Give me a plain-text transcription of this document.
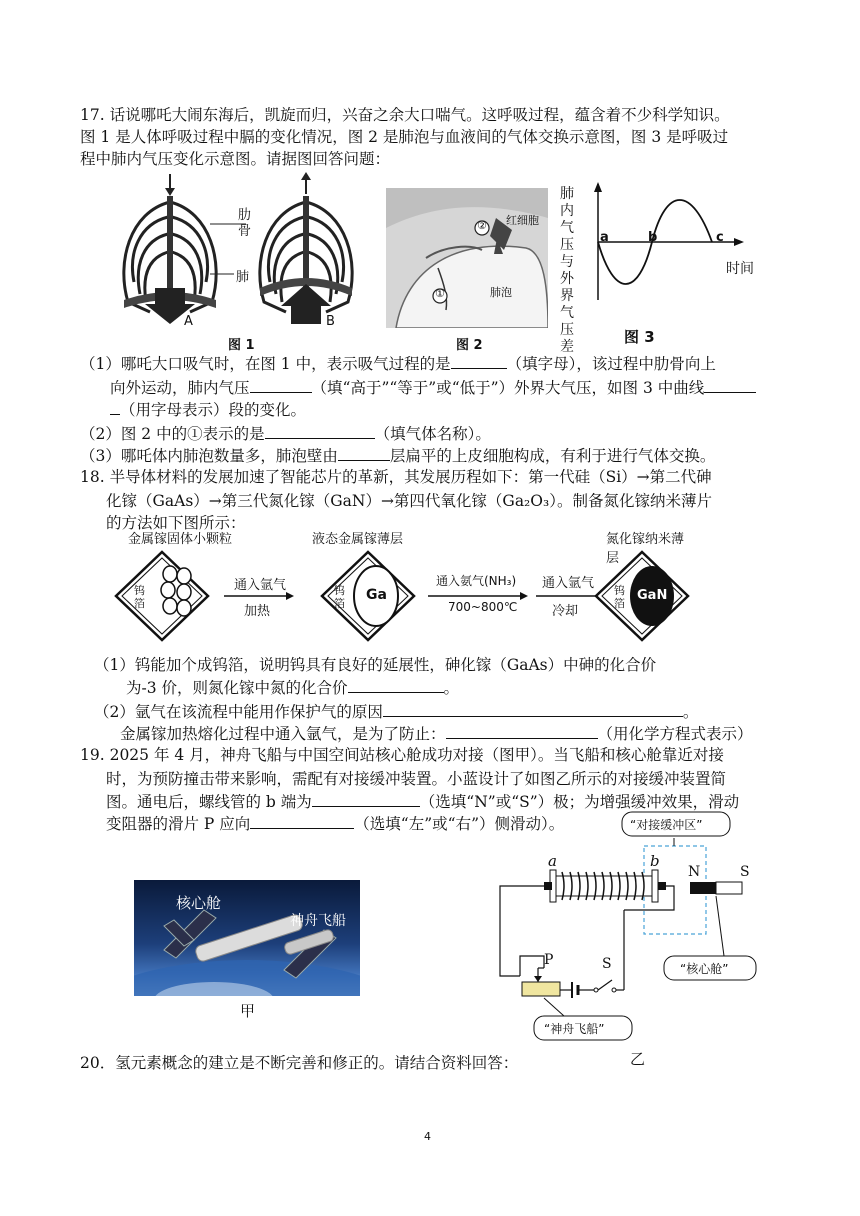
17. 话说哪吒大闹东海后，凯旋而归，兴奋之余大口喘气。这呼吸过程，蕴含着不少科学知识。
图 1 是人体呼吸过程中膈的变化情况，图 2 是肺泡与血液间的气体交换示意图，图 3 是呼吸过
程中肺内气压变化示意图。请据图回答问题：
肋骨
肺
A	B
图 1
②
①
红细胞
肺泡
图 2
肺内气压与外界气压差
a	b	c
时间
图 3
（1）哪吒大口吸气时，在图 1 中，表示吸气过程的是	（填字母），该过程中肋骨向上
向外运动，肺内气压	（填“高于”“等于”或“低于”）外界大气压，如图 3 中曲线
（用字母表示）段的变化。
（2）图 2 中的①表示的是	（填气体名称）。
（3）哪吒体内肺泡数量多，肺泡壁由	层扁平的上皮细胞构成，有利于进行气体交换。
18. 半导体材料的发展加速了智能芯片的革新，其发展历程如下：第一代硅（Si）→第二代砷
化镓（GaAs）→第三代氮化镓（GaN）→第四代氧化镓（Ga₂O₃）。制备氮化镓纳米薄片
的方法如下图所示：
金属镓固体小颗粒
钨箔
通入氩气
加热
液态金属镓薄层
钨箔
Ga
通入氨气(NH₃)
700~800℃
通入氩气
冷却
氮化镓纳米薄层
钨箔
GaN
（1）钨能加个成钨箔，说明钨具有良好的延展性，砷化镓（GaAs）中砷的化合价
为-3 价，则氮化镓中氮的化合价	。
（2）氩气在该流程中能用作保护气的原因	。
金属镓加热熔化过程中通入氩气，是为了防止：	（用化学方程式表示）
19. 2025 年 4 月，神舟飞船与中国空间站核心舱成功对接（图甲）。当飞船和核心舱靠近对接
时，为预防撞击带来影响，需配有对接缓冲装置。小蓝设计了如图乙所示的对接缓冲装置简
图。通电后，螺线管的 b 端为	（选填“N”或“S”）极；为增强缓冲效果，滑动
变阻器的滑片 P 应向	（选填“左”或“右”）侧滑动）。
核心舱
神舟飞船
甲
“对接缓冲区”
a	b
N	S
“核心舱”
P	S
“神舟飞船”
乙
20．氢元素概念的建立是不断完善和修正的。请结合资料回答：
4
